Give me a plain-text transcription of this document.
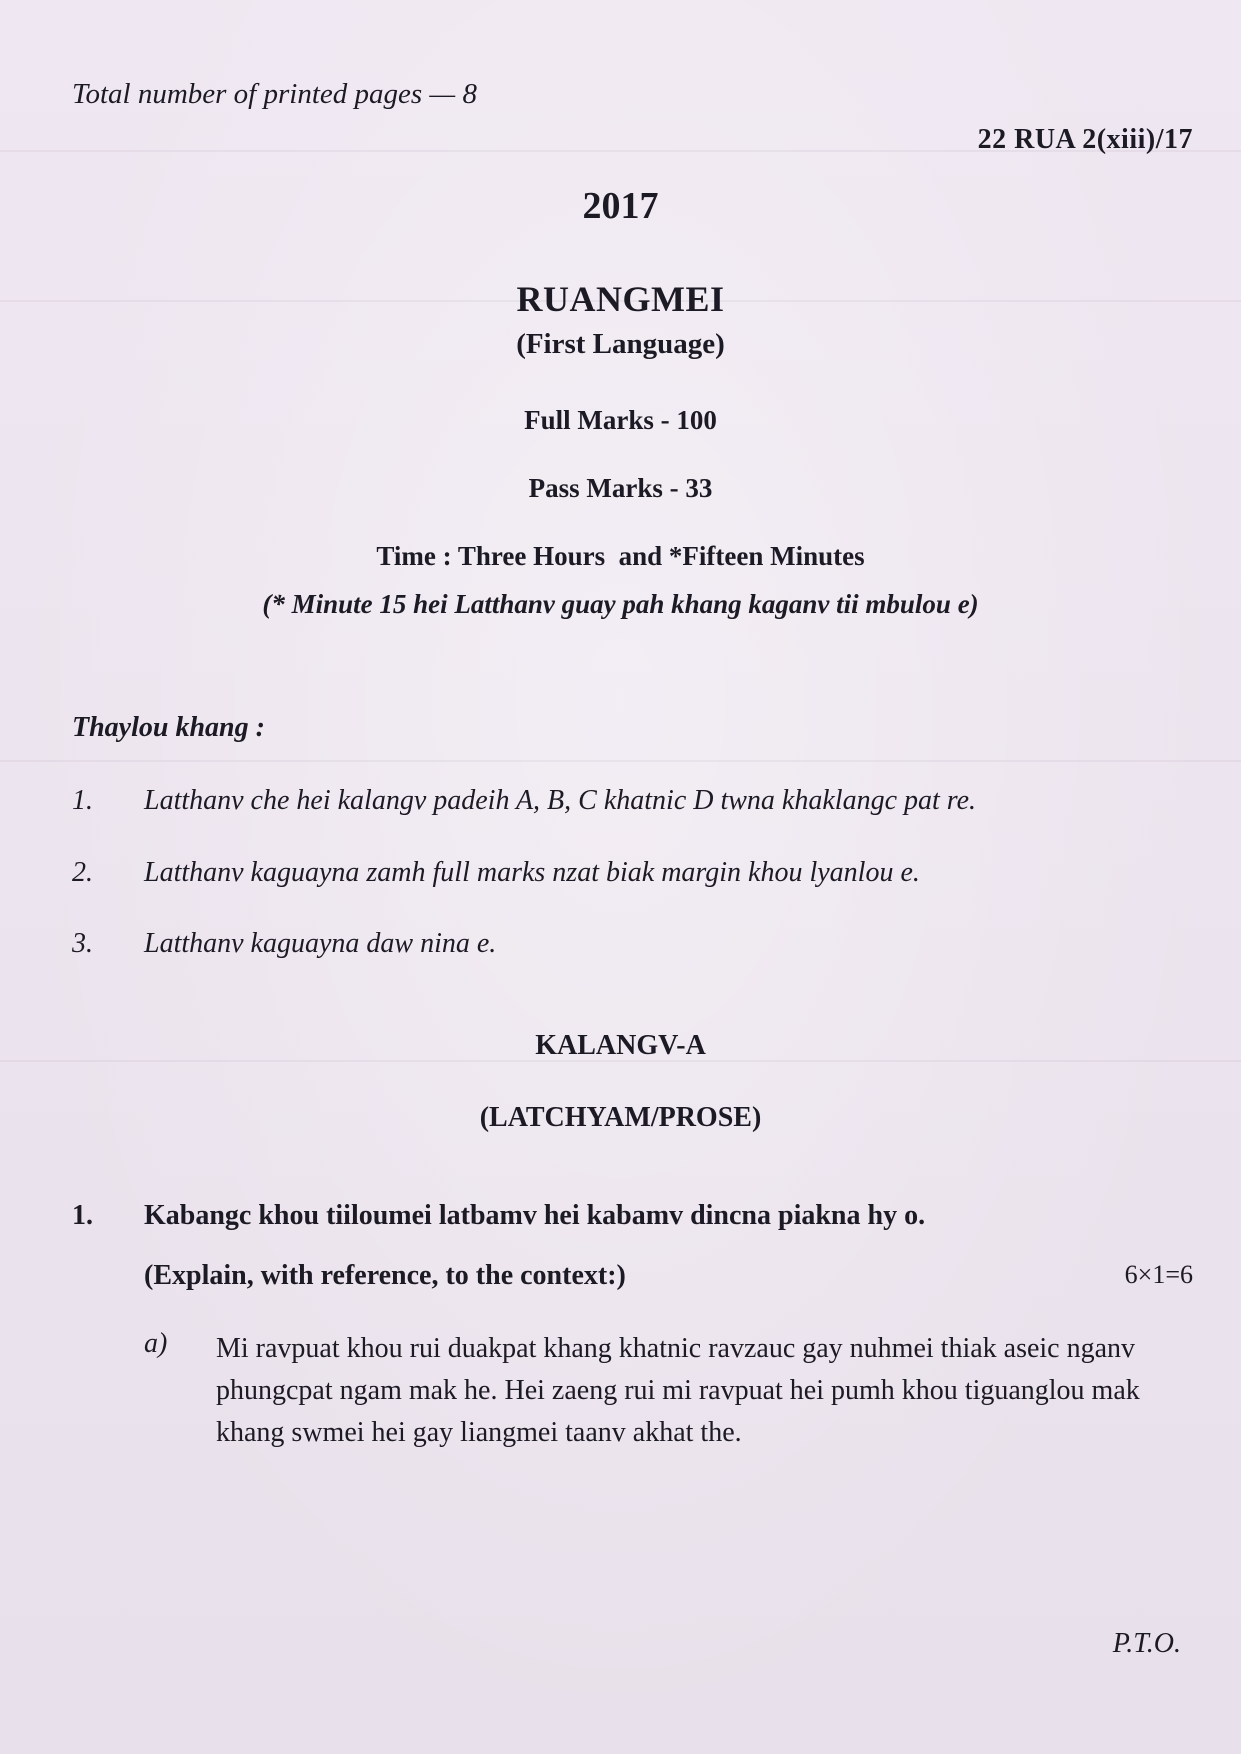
Total number of printed pages — 8
22 RUA 2(xiii)/17
2017
RUANGMEI
(First Language)
Full Marks - 100
Pass Marks - 33
Time : Three Hours  and *Fifteen Minutes
(* Minute 15 hei Latthanv guay pah khang kaganv tii mbulou e)
Thaylou khang :
1. Latthanv che hei kalangv padeih A, B, C khatnic D twna khaklangc pat re.
2. Latthanv kaguayna zamh full marks nzat biak margin khou lyanlou e.
3. Latthanv kaguayna daw nina e.
KALANGV-A
(LATCHYAM/PROSE)
1. Kabangc khou tiiloumei latbamv hei kabamv dincna piakna hy o.
(Explain, with reference, to the context:)	6×1=6
a) Mi ravpuat khou rui duakpat khang khatnic ravzauc gay nuhmei thiak aseic nganv phungcpat ngam mak he. Hei zaeng rui mi ravpuat hei pumh khou tiguanglou mak khang swmei hei gay liangmei taanv akhat the.
P.T.O.
